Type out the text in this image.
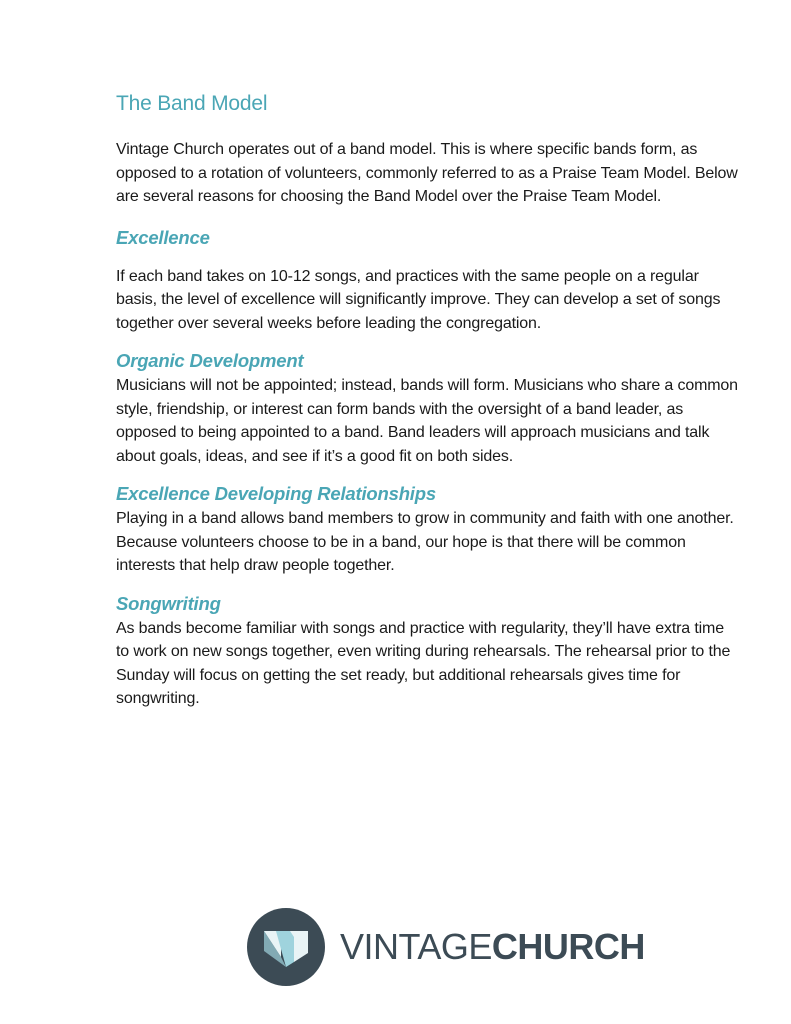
The Band Model

Vintage Church operates out of a band model. This is where specific bands form, as opposed to a rotation of volunteers, commonly referred to as a Praise Team Model. Below are several reasons for choosing the Band Model over the Praise Team Model.

Excellence

If each band takes on 10-12 songs, and practices with the same people on a regular basis, the level of excellence will significantly improve. They can develop a set of songs together over several weeks before leading the congregation.

Organic Development

Musicians will not be appointed; instead, bands will form. Musicians who share a common style, friendship, or interest can form bands with the oversight of a band leader, as opposed to being appointed to a band. Band leaders will approach musicians and talk about goals, ideas, and see if it’s a good fit on both sides.

Excellence Developing Relationships

Playing in a band allows band members to grow in community and faith with one another. Because volunteers choose to be in a band, our hope is that there will be common interests that help draw people together.

Songwriting

As bands become familiar with songs and practice with regularity, they’ll have extra time to work on new songs together, even writing during rehearsals. The rehearsal prior to the Sunday will focus on getting the set ready, but additional rehearsals gives time for songwriting.

VINTAGECHURCH
